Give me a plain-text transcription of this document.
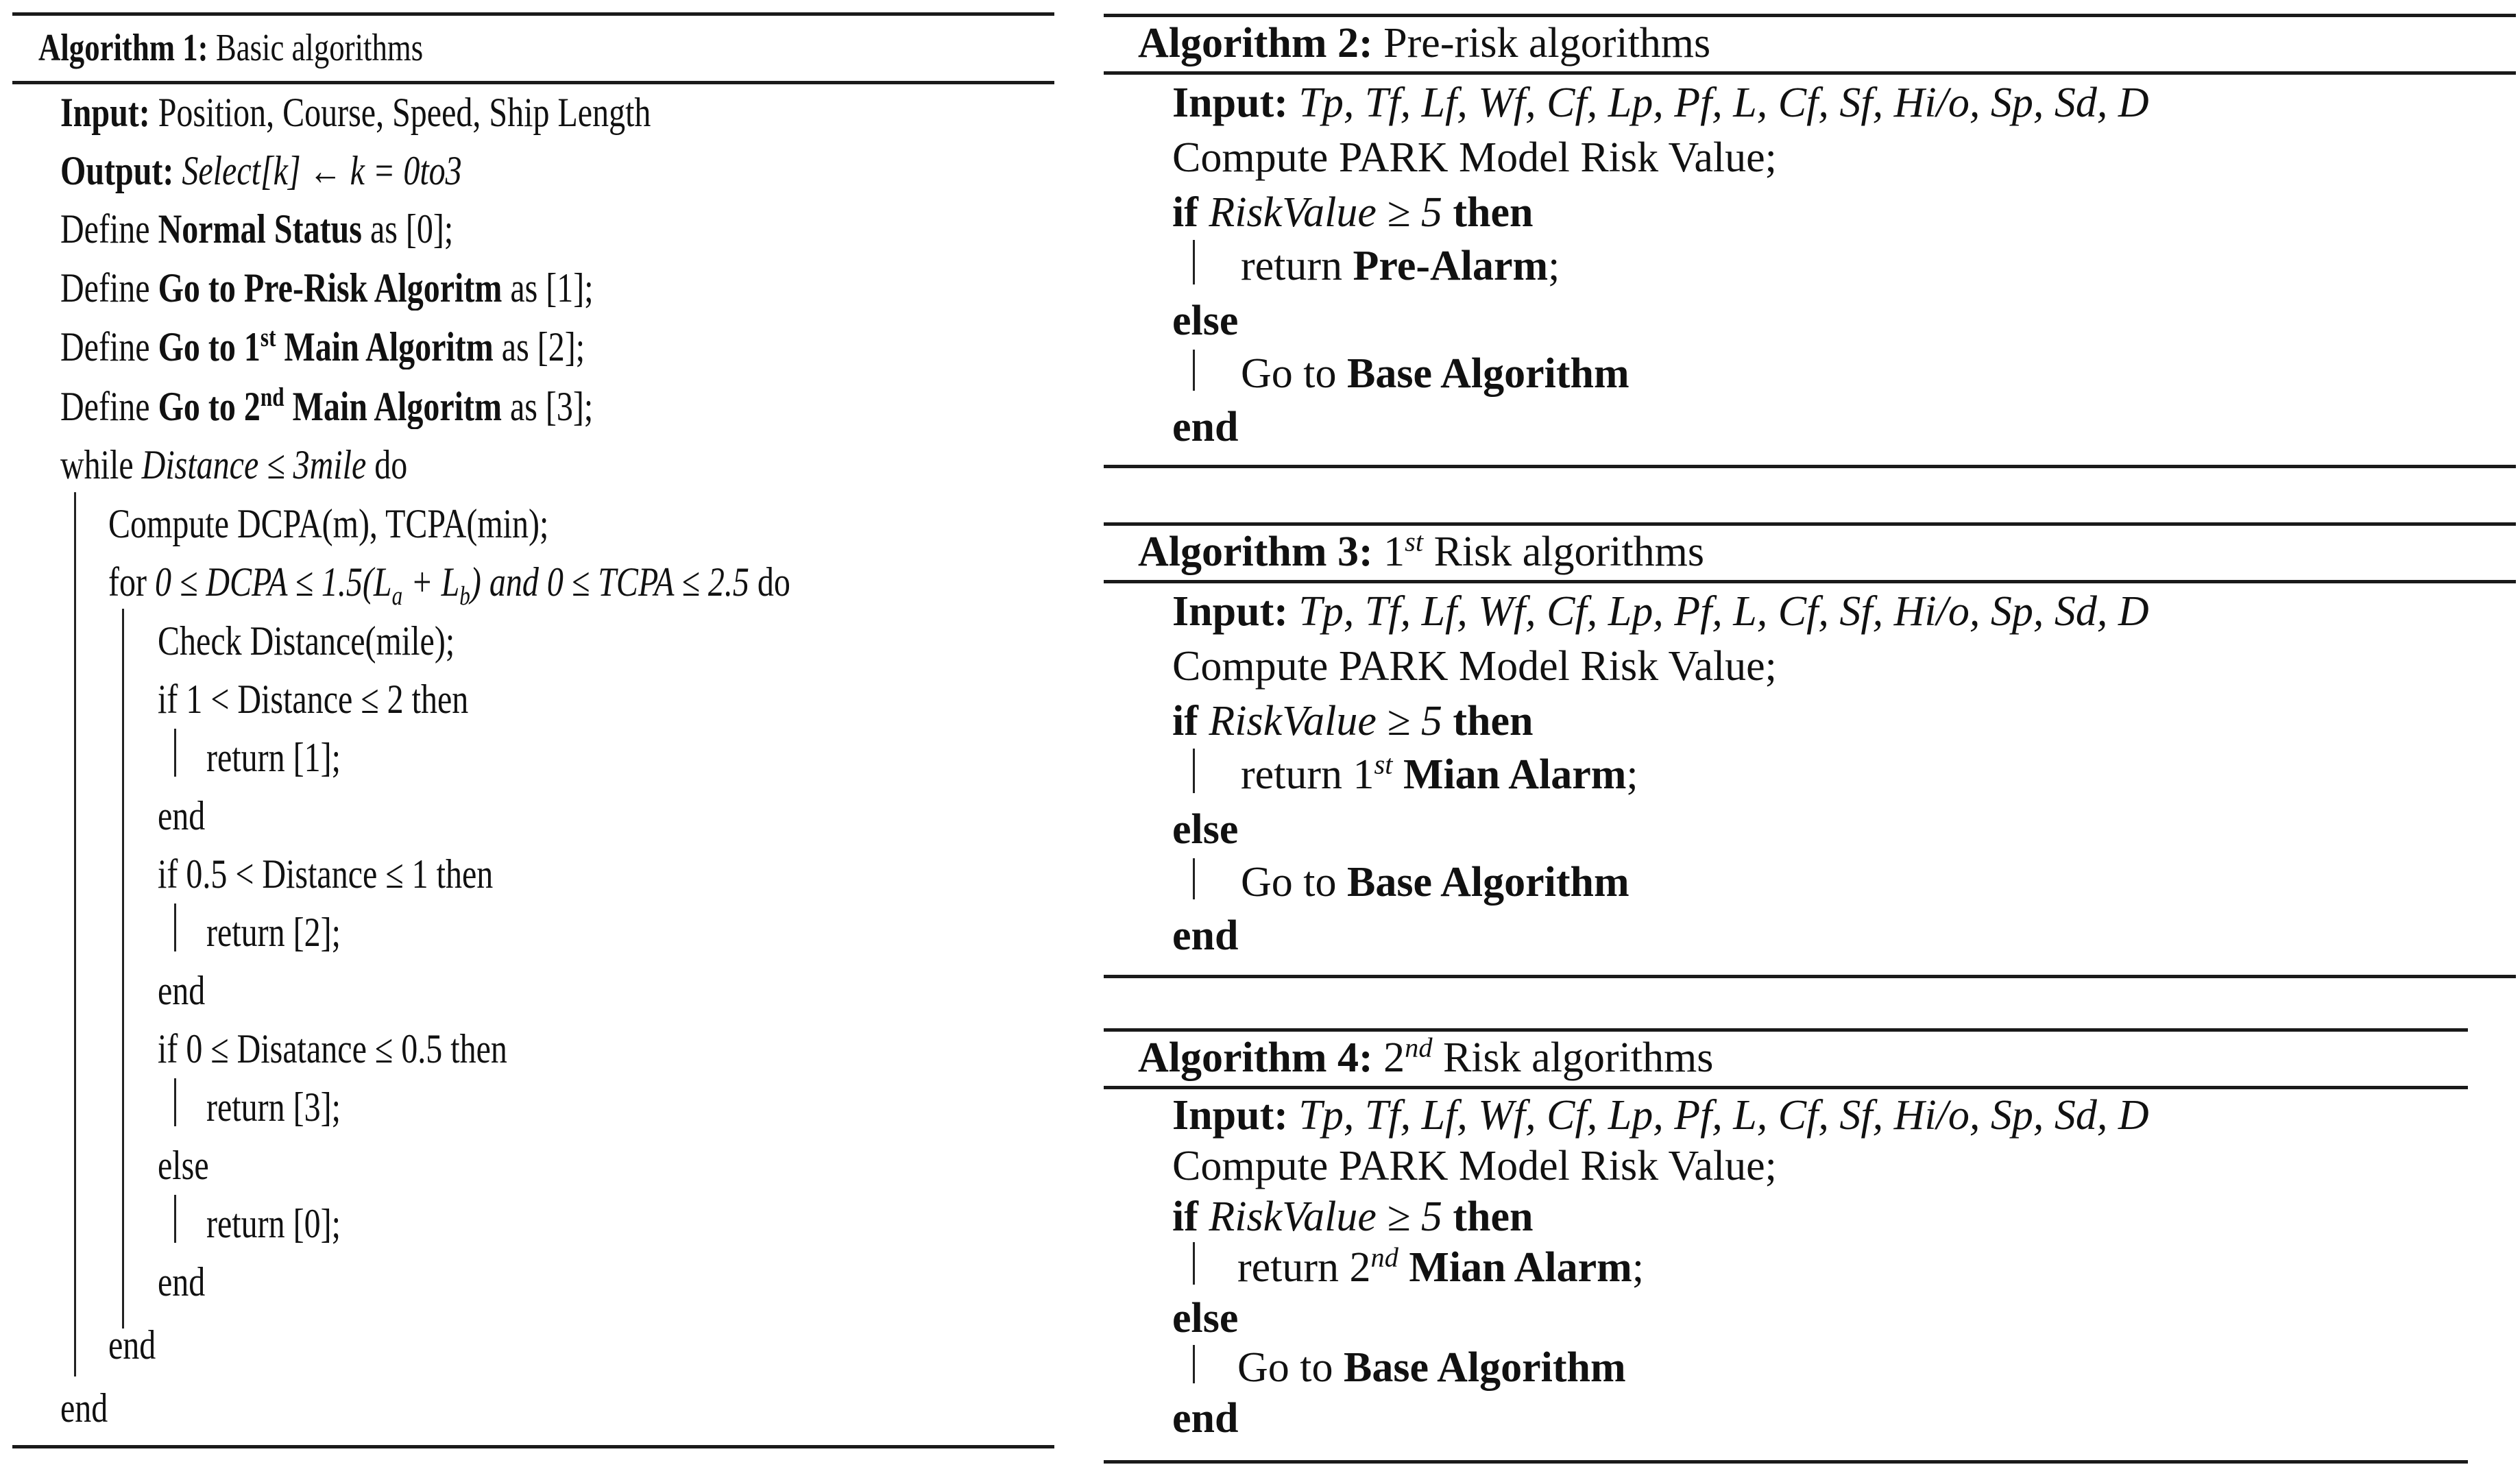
Algorithm 1: Basic algorithms
Input: Position, Course, Speed, Ship Length
Output: Select[k] ← k = 0to3
Define Normal Status as [0];
Define Go to Pre-Risk Algoritm as [1];
Define Go to 1st Main Algoritm as [2];
Define Go to 2nd Main Algoritm as [3];
while Distance ≤ 3mile do
Compute DCPA(m), TCPA(min);
for 0 ≤ DCPA ≤ $1.5(L_a + L_b)$ and 0 ≤ TCPA ≤ 2.5 do
Check Distance(mile);
if 1 < Distance ≤ 2 then
return [1];
end
if 0.5 < Distance ≤ 1 then
return [2];
end
if 0 ≤ Disatance ≤ 0.5 then
return [3];
else
return [0];
end
end
end
Algorithm 2: Pre-risk algorithms
Input: Tp, Tf, Lf, Wf, Cf, Lp, Pf, L, Cf, Sf, Hi/o, Sp, Sd, D
Compute PARK Model Risk Value;
if RiskValue ≥ 5 then
return Pre-Alarm;
else
Go to Base Algorithm
end
Algorithm 3: 1st Risk algorithms
Input: Tp, Tf, Lf, Wf, Cf, Lp, Pf, L, Cf, Sf, Hi/o, Sp, Sd, D
Compute PARK Model Risk Value;
if RiskValue ≥ 5 then
return 1st Mian Alarm;
else
Go to Base Algorithm
end
Algorithm 4: 2nd Risk algorithms
Input: Tp, Tf, Lf, Wf, Cf, Lp, Pf, L, Cf, Sf, Hi/o, Sp, Sd, D
Compute PARK Model Risk Value;
if RiskValue ≥ 5 then
return 2nd Mian Alarm;
else
Go to Base Algorithm
end
